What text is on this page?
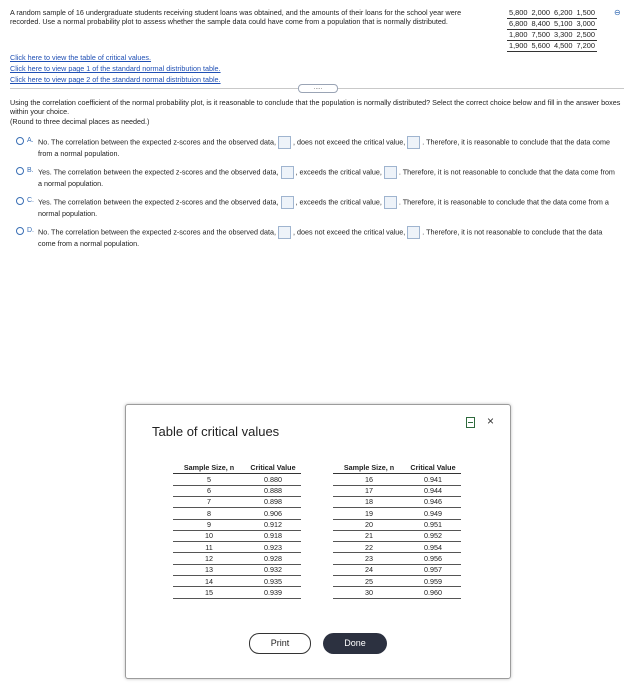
A random sample of 16 undergraduate students receiving student loans was obtained, and the amounts of their loans for the school year were recorded. Use a normal probability plot to assess whether the sample data could have come from a population that is normally distributed.
5,800	2,000	6,200	1,500
6,800	8,400	5,100	3,000
1,800	7,500	3,300	2,500
1,900	5,600	4,500	7,200
⊖
Click here to view the table of critical values.
Click here to view page 1 of the standard normal distribution table.
Click here to view page 2 of the standard normal distribtuion table.
.....
Using the correlation coefficient of the normal probability plot, is it reasonable to conclude that the population is normally distributed? Select the correct choice below and fill in the answer boxes within your choice.
(Round to three decimal places as needed.)
A. No. The correlation between the expected z-scores and the observed data, , does not exceed the critical value, . Therefore, it is reasonable to conclude that the data come from a normal population.
B. Yes. The correlation between the expected z-scores and the observed data, , exceeds the critical value, . Therefore, it is not reasonable to conclude that the data come from a normal population.
C. Yes. The correlation between the expected z-scores and the observed data, , exceeds the critical value, . Therefore, it is reasonable to conclude that the data come from a normal population.
D. No. The correlation between the expected z-scores and the observed data, , does not exceed the critical value, . Therefore, it is not reasonable to conclude that the data come from a normal population.
Table of critical values
×
Sample Size, n	Critical Value
5	0.880
6	0.888
7	0.898
8	0.906
9	0.912
10	0.918
11	0.923
12	0.928
13	0.932
14	0.935
15	0.939
Sample Size, n	Critical Value
16	0.941
17	0.944
18	0.946
19	0.949
20	0.951
21	0.952
22	0.954
23	0.956
24	0.957
25	0.959
30	0.960
Print	Done
